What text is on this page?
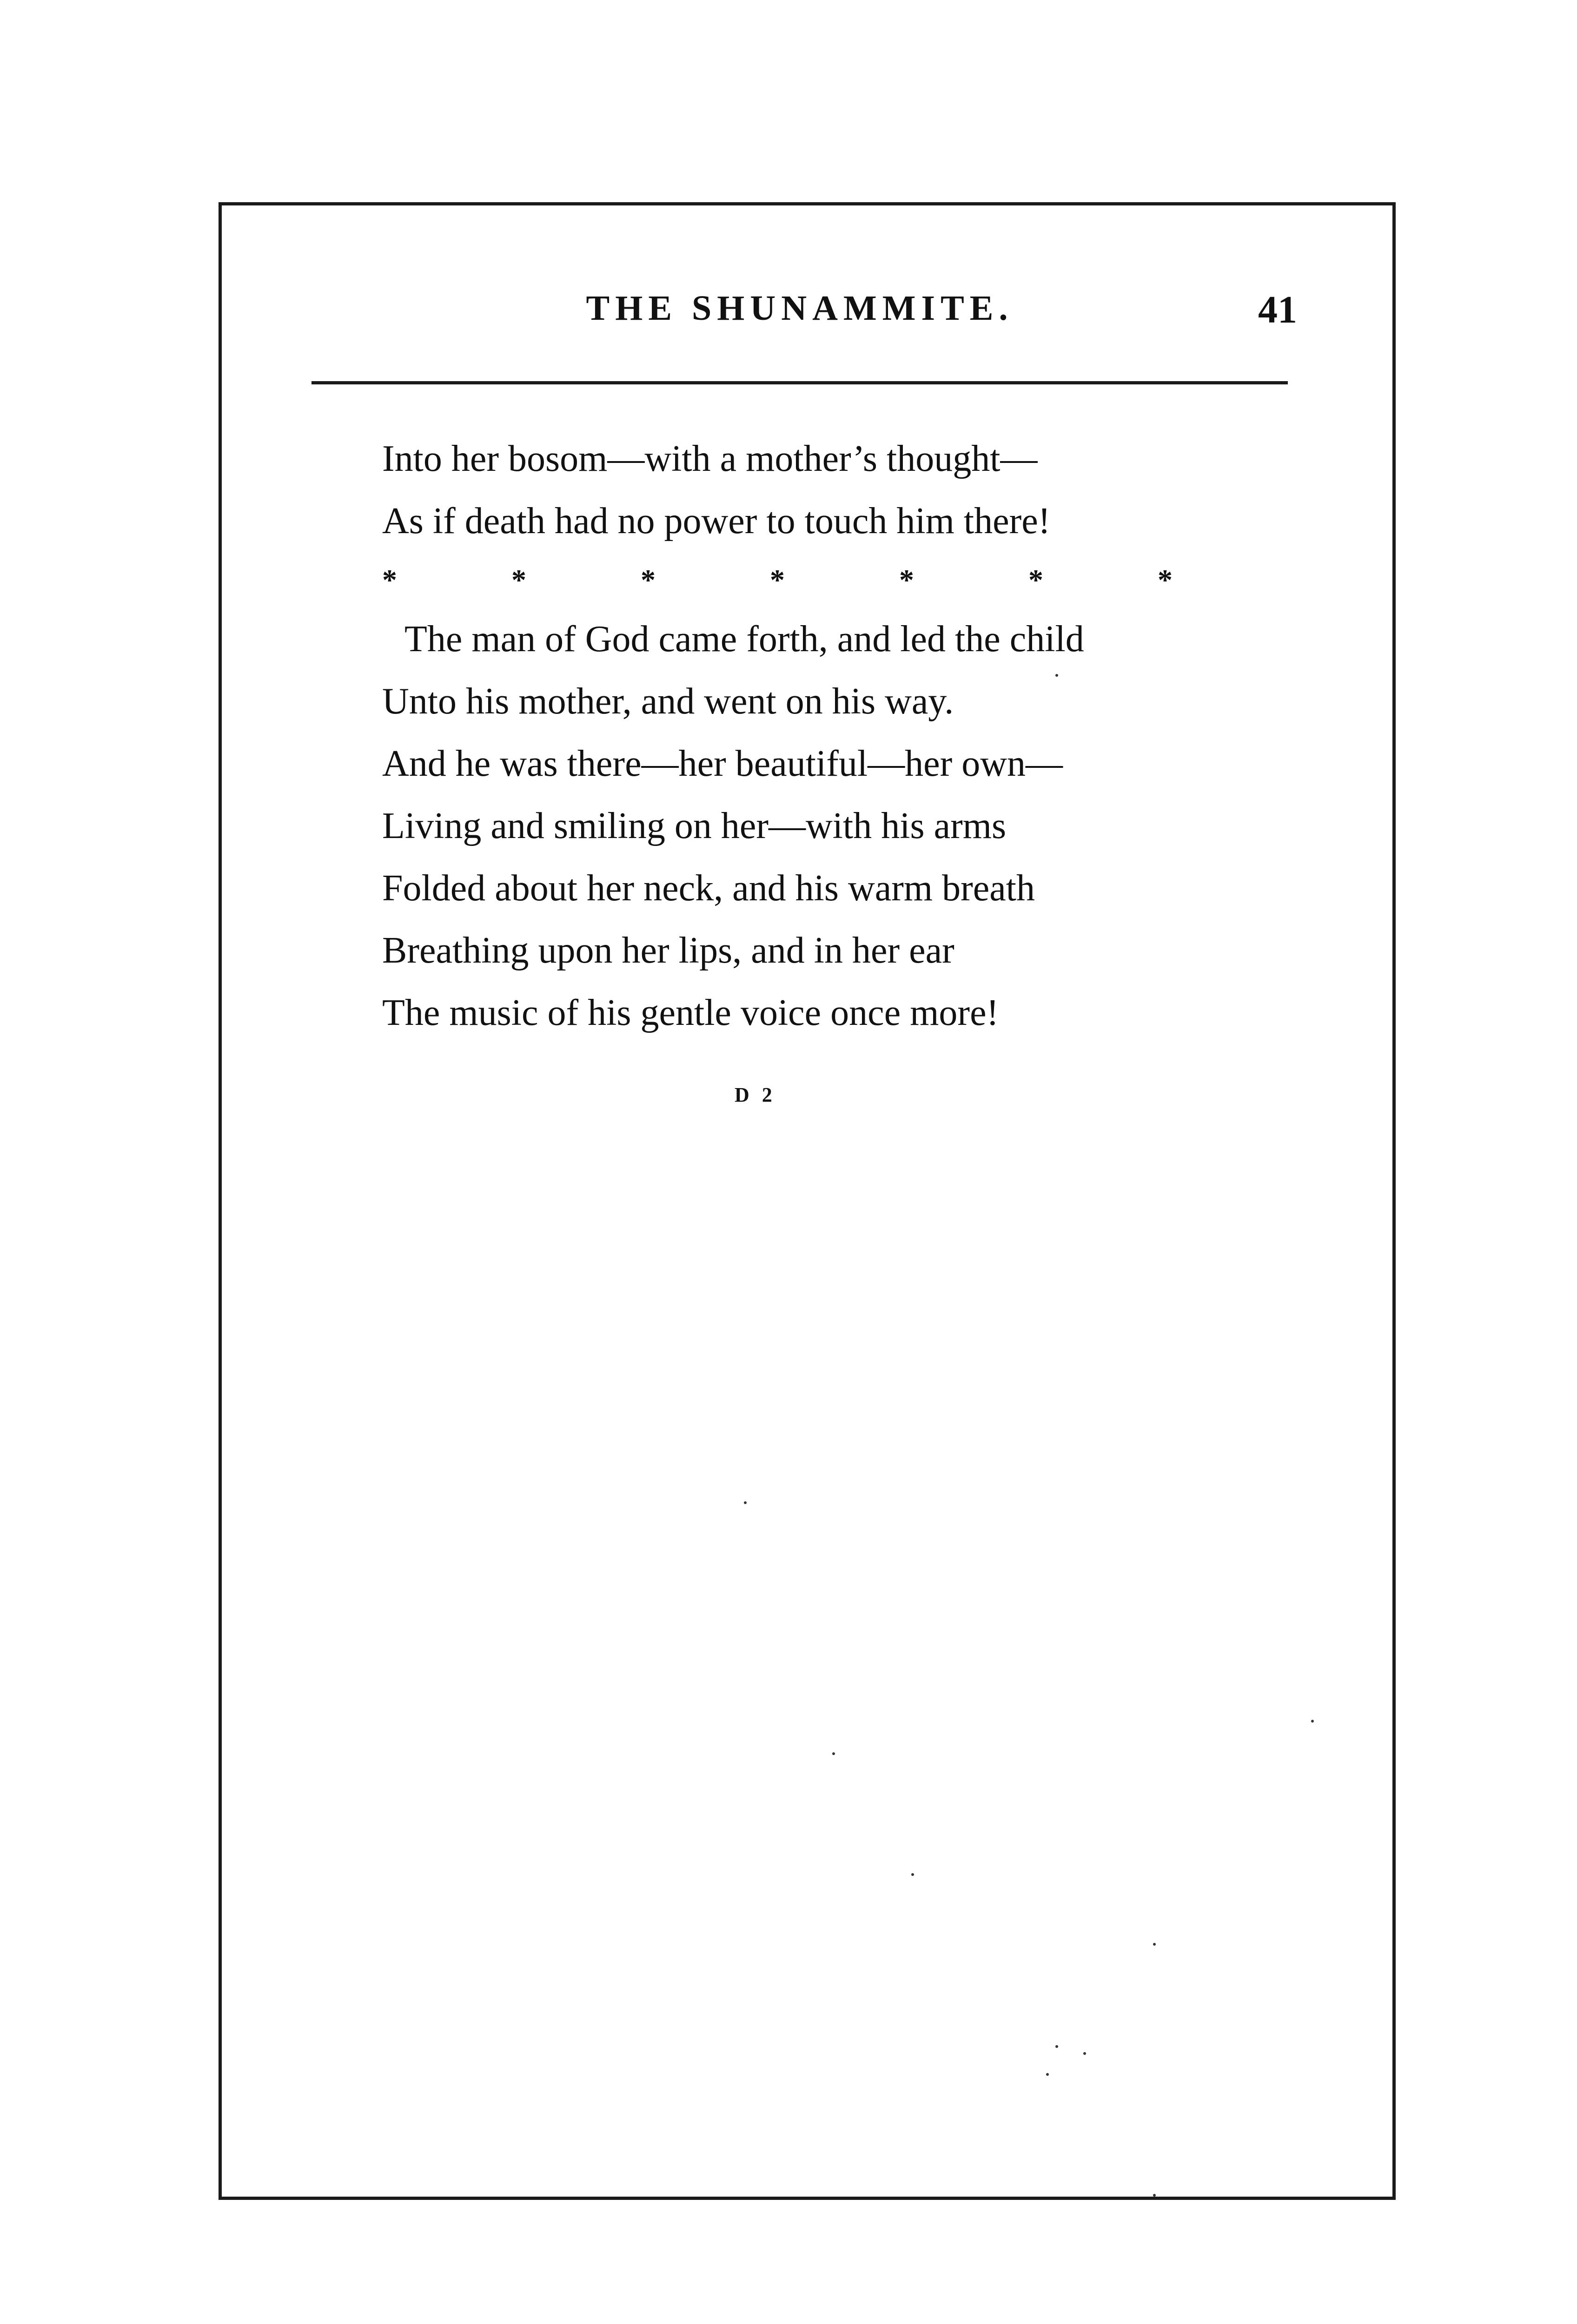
THE SHUNAMMITE.	41
Into her bosom—with a mother’s thought—
As if death had no power to touch him there!
*	*	*	*	*	*	*
The man of God came forth, and led the child
Unto his mother, and went on his way.
And he was there—her beautiful—her own—
Living and smiling on her—with his arms
Folded about her neck, and his warm breath
Breathing upon her lips, and in her ear
The music of his gentle voice once more!
D 2
